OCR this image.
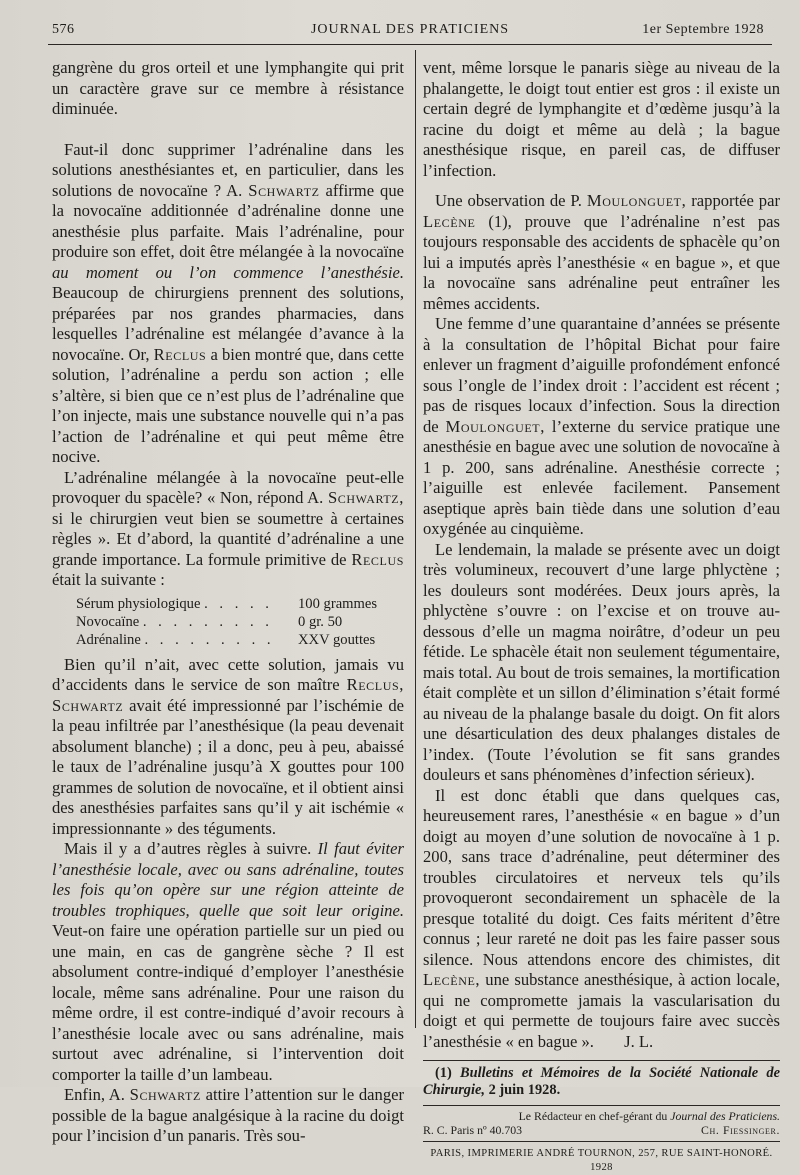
576	JOURNAL DES PRATICIENS	1er Septembre 1928

gangrène du gros orteil et une lymphangite qui prit un caractère grave sur ce membre à résistance diminuée.

Faut-il donc supprimer l’adrénaline dans les solutions anesthésiantes et, en particulier, dans les solutions de novocaïne ? A. Schwartz affirme que la novocaïne additionnée d’adrénaline donne une anesthésie plus parfaite. Mais l’adrénaline, pour produire son effet, doit être mélangée à la novocaïne au moment ou l’on commence l’anesthésie. Beaucoup de chirurgiens prennent des solutions, préparées par nos grandes pharmacies, dans lesquelles l’adrénaline est mélangée d’avance à la novocaïne. Or, Reclus a bien montré que, dans cette solution, l’adrénaline a perdu son action ; elle s’altère, si bien que ce n’est plus de l’adrénaline que l’on injecte, mais une substance nouvelle qui n’a pas l’action de l’adrénaline et qui peut même être nocive.

L’adrénaline mélangée à la novocaïne peut-elle provoquer du spacèle? « Non, répond A. Schwartz, si le chirurgien veut bien se soumettre à certaines règles ». Et d’abord, la quantité d’adrénaline a une grande importance. La formule primitive de Reclus était la suivante :

Sérum physiologique . . . . .	100 grammes
Novocaïne . . . . . . . . .	0 gr. 50
Adrénaline . . . . . . . . .	XXV gouttes

Bien qu’il n’ait, avec cette solution, jamais vu d’accidents dans le service de son maître Reclus, Schwartz avait été impressionné par l’ischémie de la peau infiltrée par l’anesthésique (la peau devenait absolument blanche) ; il a donc, peu à peu, abaissé le taux de l’adrénaline jusqu’à X gouttes pour 100 grammes de solution de novocaïne, et il obtient ainsi des anesthésies parfaites sans qu’il y ait ischémie « impressionnante » des téguments.

Mais il y a d’autres règles à suivre. Il faut éviter l’anesthésie locale, avec ou sans adrénaline, toutes les fois qu’on opère sur une région atteinte de troubles trophiques, quelle que soit leur origine. Veut-on faire une opération partielle sur un pied ou une main, en cas de gangrène sèche ? Il est absolument contre-indiqué d’employer l’anesthésie locale, même sans adrénaline. Pour une raison du même ordre, il est contre-indiqué d’avoir recours à l’anesthésie locale avec ou sans adrénaline, mais surtout avec adrénaline, si l’intervention doit comporter la taille d’un lambeau.

Enfin, A. Schwartz attire l’attention sur le danger possible de la bague analgésique à la racine du doigt pour l’incision d’un panaris. Très sou-

vent, même lorsque le panaris siège au niveau de la phalangette, le doigt tout entier est gros : il existe un certain degré de lymphangite et d’œdème jusqu’à la racine du doigt et même au delà ; la bague anesthésique risque, en pareil cas, de diffuser l’infection.

Une observation de P. Moulonguet, rapportée par Lecène (1), prouve que l’adrénaline n’est pas toujours responsable des accidents de sphacèle qu’on lui a imputés après l’anesthésie « en bague », et que la novocaïne sans adrénaline peut entraîner les mêmes accidents.

Une femme d’une quarantaine d’années se présente à la consultation de l’hôpital Bichat pour faire enlever un fragment d’aiguille profondément enfoncé sous l’ongle de l’index droit : l’accident est récent ; pas de risques locaux d’infection. Sous la direction de Moulonguet, l’externe du service pratique une anesthésie en bague avec une solution de novocaïne à 1 p. 200, sans adrénaline. Anesthésie correcte ; l’aiguille est enlevée facilement. Pansement aseptique après bain tiède dans une solution d’eau oxygénée au cinquième.

Le lendemain, la malade se présente avec un doigt très volumineux, recouvert d’une large phlyctène ; les douleurs sont modérées. Deux jours après, la phlyctène s’ouvre : on l’excise et on trouve au-dessous d’elle un magma noirâtre, d’odeur un peu fétide. Le sphacèle était non seulement tégumentaire, mais total. Au bout de trois semaines, la mortification était complète et un sillon d’élimination s’était formé au niveau de la phalange basale du doigt. On fit alors une désarticulation des deux phalanges distales de l’index. (Toute l’évolution se fit sans grandes douleurs et sans phénomènes d’infection sérieux).

Il est donc établi que dans quelques cas, heureusement rares, l’anesthésie « en bague » d’un doigt au moyen d’une solution de novocaïne à 1 p. 200, sans trace d’adrénaline, peut déterminer des troubles circulatoires et nerveux tels qu’ils provoqueront secondairement un sphacèle de la presque totalité du doigt. Ces faits méritent d’être connus ; leur rareté ne doit pas les faire passer sous silence. Nous attendons encore des chimistes, dit Lecène, une substance anesthésique, à action locale, qui ne compromette jamais la vascularisation du doigt et qui permette de toujours faire avec succès l’anesthésie « en bague ». J. L.

(1) Bulletins et Mémoires de la Société Nationale de Chirurgie, 2 juin 1928.

Le Rédacteur en chef-gérant du Journal des Praticiens.
R. C. Paris nº 40.703	Ch. Fiessinger.
PARIS, IMPRIMERIE ANDRÉ TOURNON, 257, RUE SAINT-HONORÉ. 1928
